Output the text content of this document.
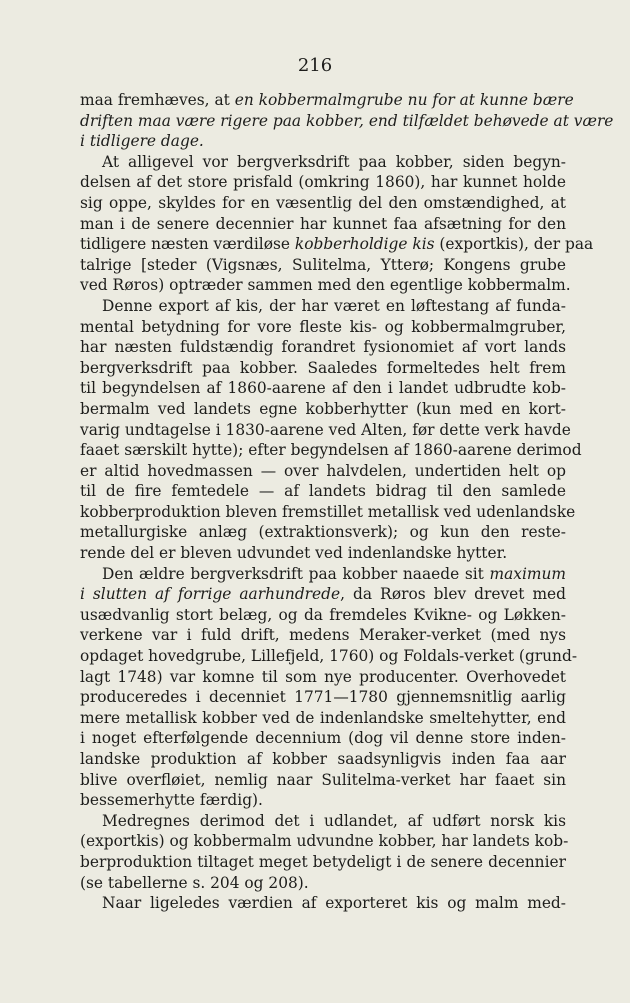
216

maa fremhæves, at en kobbermalmgrube nu for at kunne bære
driften maa være rigere paa kobber, end tilfældet behøvede at være
i tidligere dage.

At alligevel vor bergverksdrift paa kobber, siden begyn-
delsen af det store prisfald (omkring 1860), har kunnet holde
sig oppe, skyldes for en væsentlig del den omstændighed, at
man i de senere decennier har kunnet faa afsætning for den
tidligere næsten værdiløse kobberholdige kis (exportkis), der paa
talrige [steder (Vigsnæs, Sulitelma, Ytterø; Kongens grube
ved Røros) optræder sammen med den egentlige kobbermalm.

Denne export af kis, der har været en løftestang af funda-
mental betydning for vore fleste kis- og kobbermalmgruber,
har næsten fuldstændig forandret fysionomiet af vort lands
bergverksdrift paa kobber. Saaledes formeltedes helt frem
til begyndelsen af 1860-aarene af den i landet udbrudte kob-
bermalm ved landets egne kobberhytter (kun med en kort-
varig undtagelse i 1830-aarene ved Alten, før dette verk havde
faaet særskilt hytte); efter begyndelsen af 1860-aarene derimod
er altid hovedmassen — over halvdelen, undertiden helt op
til de fire femtedele — af landets bidrag til den samlede
kobberproduktion bleven fremstillet metallisk ved udenlandske
metallurgiske anlæg (extraktionsverk); og kun den reste-
rende del er bleven udvundet ved indenlandske hytter.

Den ældre bergverksdrift paa kobber naaede sit maximum
i slutten af forrige aarhundrede, da Røros blev drevet med
usædvanlig stort belæg, og da fremdeles Kvikne- og Løkken-
verkene var i fuld drift, medens Meraker-verket (med nys
opdaget hovedgrube, Lillefjeld, 1760) og Foldals-verket (grund-
lagt 1748) var komne til som nye producenter. Overhovedet
produceredes i decenniet 1771—1780 gjennemsnitlig aarlig
mere metallisk kobber ved de indenlandske smeltehytter, end
i noget efterfølgende decennium (dog vil denne store inden-
landske produktion af kobber saadsynligvis inden faa aar
blive overfløiet, nemlig naar Sulitelma-verket har faaet sin
bessemerhytte færdig).

Medregnes derimod det i udlandet, af udført norsk kis
(exportkis) og kobbermalm udvundne kobber, har landets kob-
berproduktion tiltaget meget betydeligt i de senere decennier
(se tabellerne s. 204 og 208).

Naar ligeledes værdien af exporteret kis og malm med-
